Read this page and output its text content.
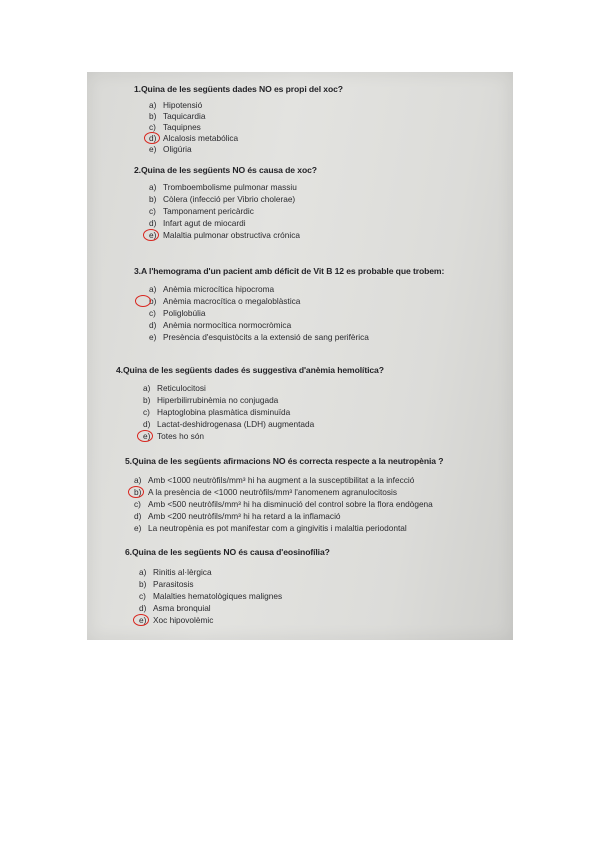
1.Quina de les següents dades NO es propi del xoc?
a) Hipotensió
b) Taquicardia
c) Taquipnes
d) Alcalosis metabólica
e) Oligúria
2.Quina de les següents NO és causa de xoc?
a) Tromboembolisme pulmonar massiu
b) Còlera (infecció per Vibrio cholerae)
c) Tamponament pericàrdic
d) Infart agut de miocardi
e) Malaltia pulmonar obstructiva crónica
3.A l'hemograma d'un pacient amb déficit de Vit B 12 es probable que trobem:
a) Anèmia microcítica hipocroma
b) Anèmia macrocítica o megaloblàstica
c) Poliglobúlia
d) Anèmia normocítica normocròmica
e) Presència d'esquistòcits a la extensió de sang perifèrica
4.Quina de les següents dades és suggestiva d'anèmia hemolítica?
a) Reticulocitosi
b) Hiperbilirrubinèmia no conjugada
c) Haptoglobina plasmàtica disminuïda
d) Lactat-deshidrogenasa (LDH) augmentada
e) Totes ho són
5.Quina de les següents afirmacions NO és correcta respecte a la neutropènia ?
a) Amb <1000 neutròfils/mm³ hi ha augment a la susceptibilitat a la infecció
b) A la presència de <1000 neutròfils/mm³ l'anomenem agranulocitosis
c) Amb <500 neutròfils/mm³ hi ha disminució del control sobre la flora endògena
d) Amb <200 neutròfils/mm³ hi ha retard a la inflamació
e) La neutropènia es pot manifestar com a gingivitis i malaltia periodontal
6.Quina de les següents NO és causa d'eosinofília?
a) Rinitis al·lèrgica
b) Parasitosis
c) Malalties hematològiques malignes
d) Asma bronquial
e) Xoc hipovolèmic
